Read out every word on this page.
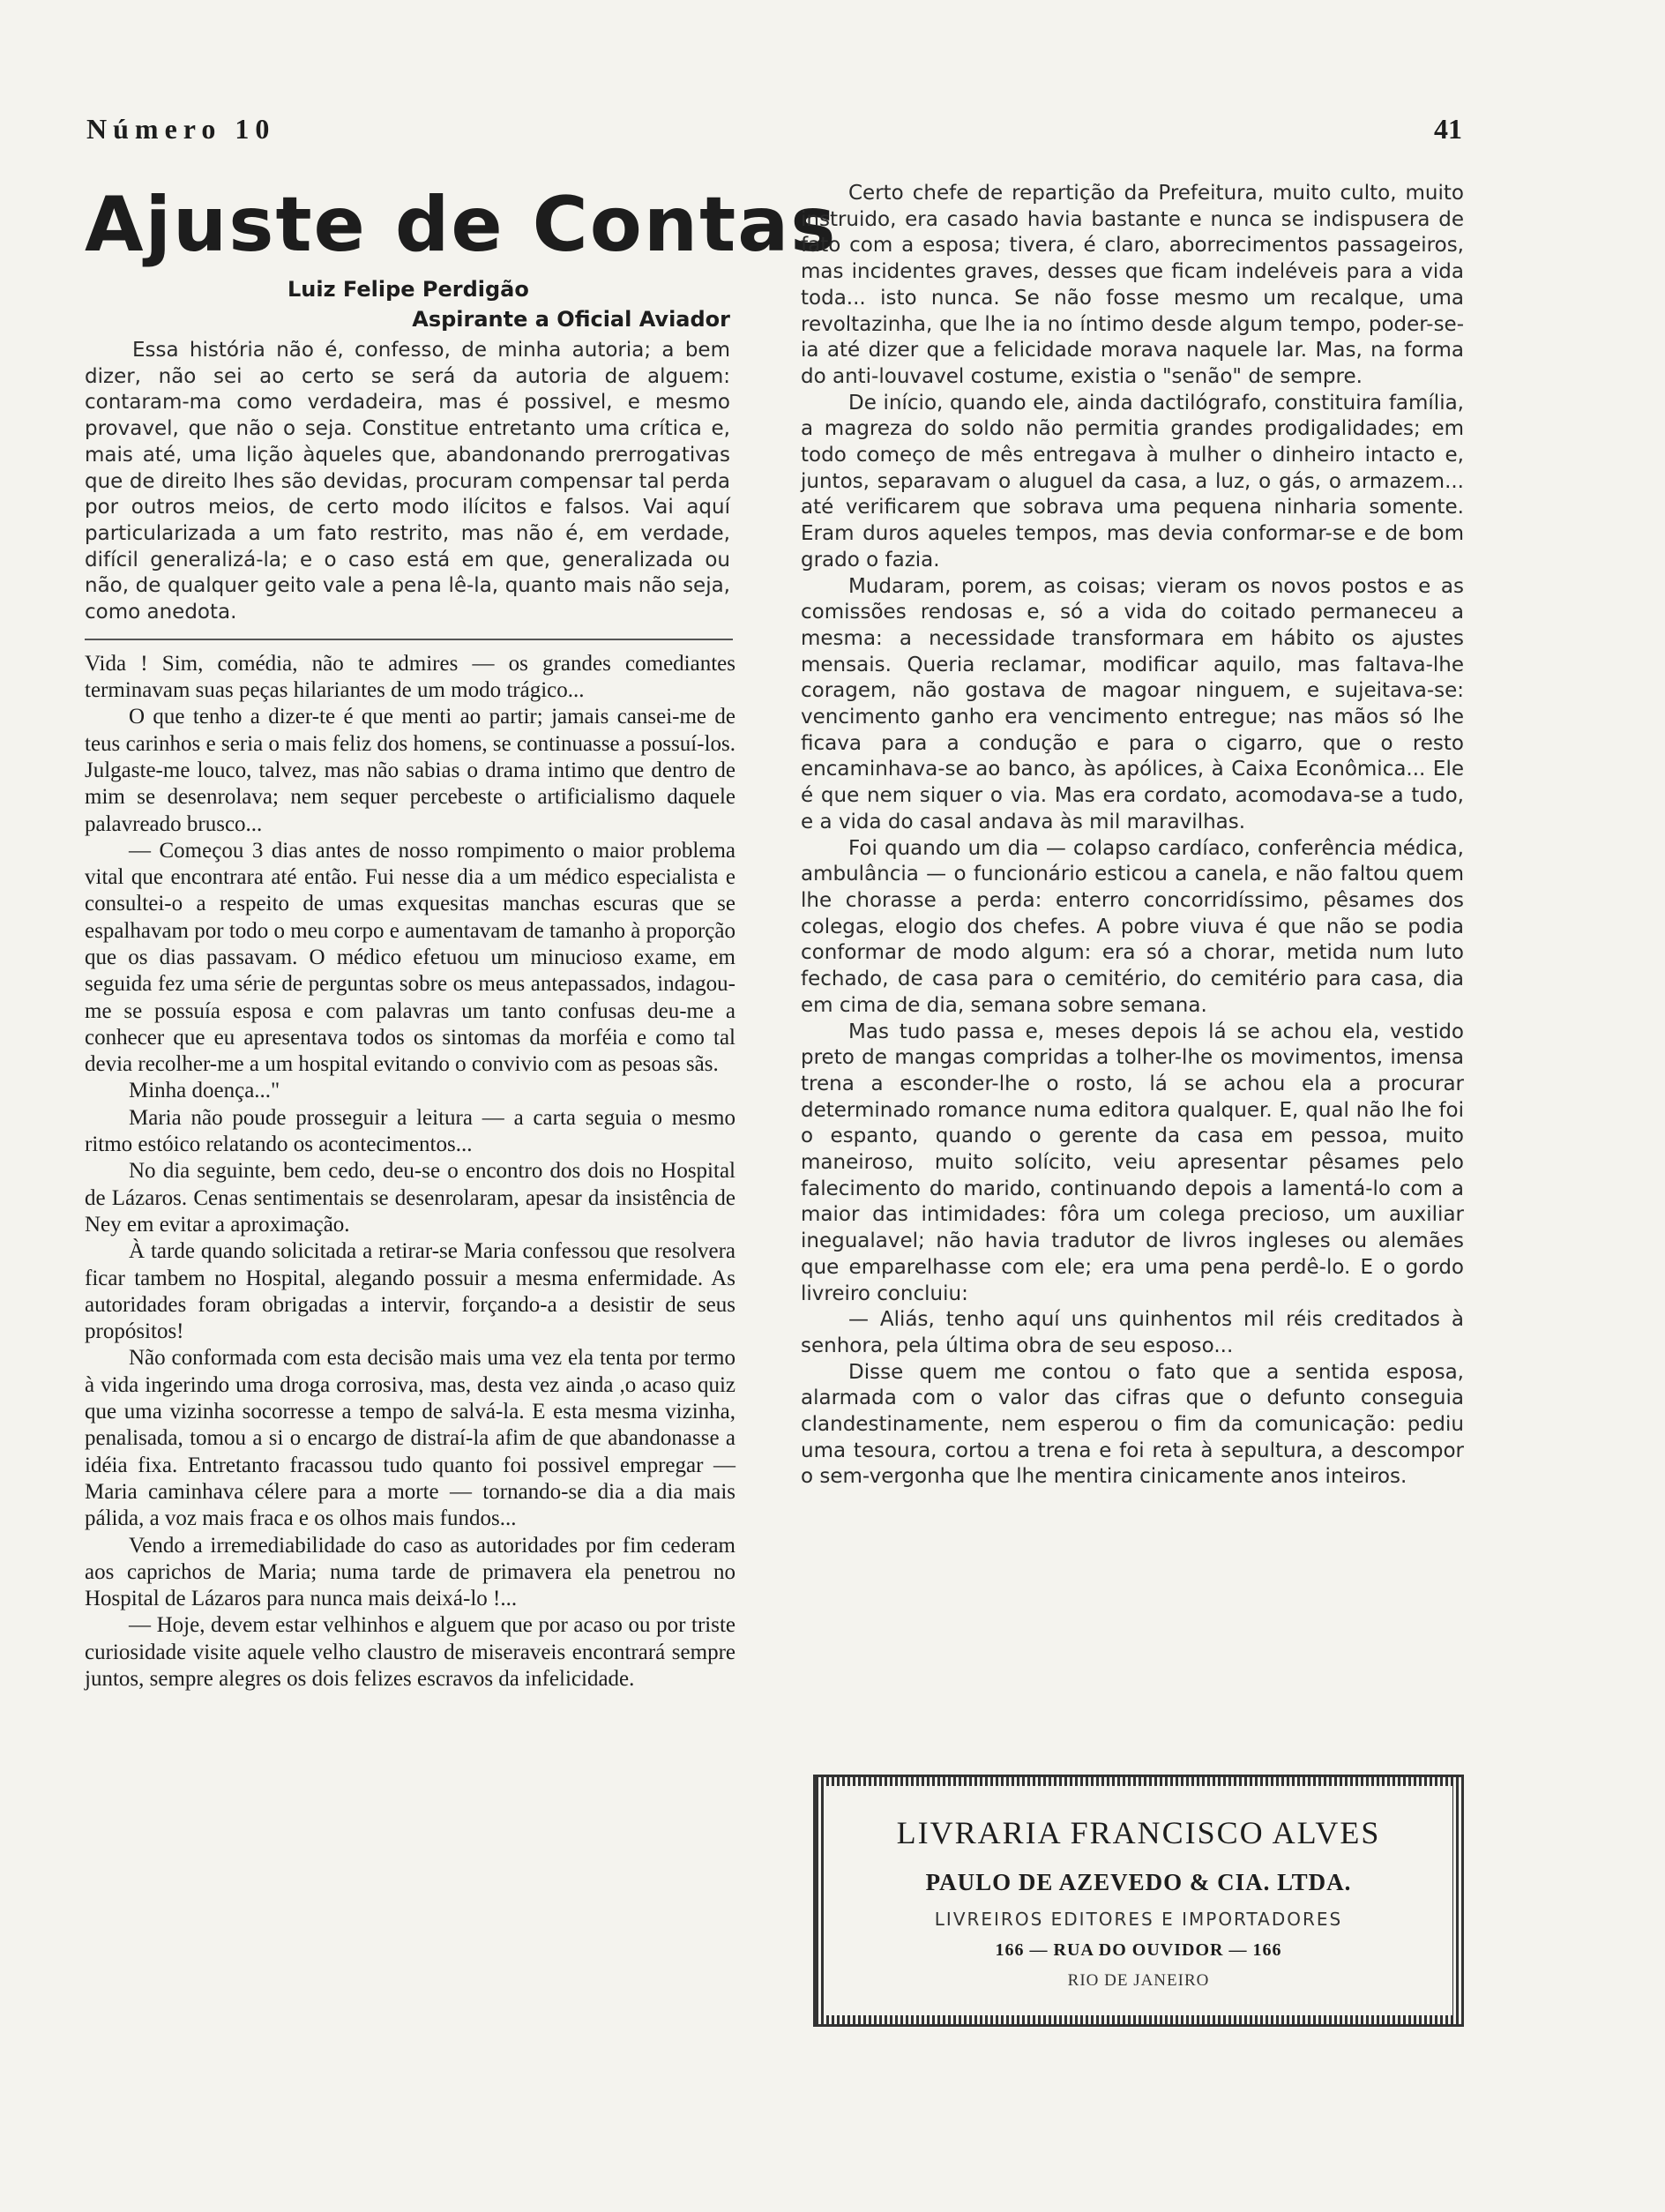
Número 10	41
Ajuste de Contas
Luiz Felipe Perdigão
Aspirante a Oficial Aviador

Essa história não é, confesso, de minha autoria; a bem dizer, não sei ao certo se será da autoria de alguem: contaram-ma como verdadeira, mas é possivel, e mesmo provavel, que não o seja. Constitue entretanto uma crítica e, mais até, uma lição àqueles que, abandonando prerrogativas que de direito lhes são devidas, procuram compensar tal perda por outros meios, de certo modo ilícitos e falsos. Vai aquí particularizada a um fato restrito, mas não é, em verdade, difícil generalizá-la; e o caso está em que, generalizada ou não, de qualquer geito vale a pena lê-la, quanto mais não seja, como anedota.

Vida ! Sim, comédia, não te admires — os grandes comediantes terminavam suas peças hilariantes de um modo trágico...

O que tenho a dizer-te é que menti ao partir; jamais cansei-me de teus carinhos e seria o mais feliz dos homens, se continuasse a possuí-los. Julgaste-me louco, talvez, mas não sabias o drama intimo que dentro de mim se desenrolava; nem sequer percebeste o artificialismo daquele palavreado brusco...

— Começou 3 dias antes de nosso rompimento o maior problema vital que encontrara até então. Fui nesse dia a um médico especialista e consultei-o a respeito de umas exquesitas manchas escuras que se espalhavam por todo o meu corpo e aumentavam de tamanho à proporção que os dias passavam. O médico efetuou um minucioso exame, em seguida fez uma série de perguntas sobre os meus antepassados, indagou-me se possuía esposa e com palavras um tanto confusas deu-me a conhecer que eu apresentava todos os sintomas da morféia e como tal devia recolher-me a um hospital evitando o convivio com as pesoas sãs.

Minha doença..."

Maria não poude prosseguir a leitura — a carta seguia o mesmo ritmo estóico relatando os acontecimentos...

No dia seguinte, bem cedo, deu-se o encontro dos dois no Hospital de Lázaros. Cenas sentimentais se desenrolaram, apesar da insistência de Ney em evitar a aproximação.

À tarde quando solicitada a retirar-se Maria confessou que resolvera ficar tambem no Hospital, alegando possuir a mesma enfermidade. As autoridades foram obrigadas a intervir, forçando-a a desistir de seus propósitos!

Não conformada com esta decisão mais uma vez ela tenta por termo à vida ingerindo uma droga corrosiva, mas, desta vez ainda ,o acaso quiz que uma vizinha socorresse a tempo de salvá-la. E esta mesma vizinha, penalisada, tomou a si o encargo de distraí-la afim de que abandonasse a idéia fixa. Entretanto fracassou tudo quanto foi possivel empregar — Maria caminhava célere para a morte — tornando-se dia a dia mais pálida, a voz mais fraca e os olhos mais fundos...

Vendo a irremediabilidade do caso as autoridades por fim cederam aos caprichos de Maria; numa tarde de primavera ela penetrou no Hospital de Lázaros para nunca mais deixá-lo !...

— Hoje, devem estar velhinhos e alguem que por acaso ou por triste curiosidade visite aquele velho claustro de miseraveis encontrará sempre juntos, sempre alegres os dois felizes escravos da infelicidade.

Certo chefe de repartição da Prefeitura, muito culto, muito instruido, era casado havia bastante e nunca se indispusera de fato com a esposa; tivera, é claro, aborrecimentos passageiros, mas incidentes graves, desses que ficam indeléveis para a vida toda... isto nunca. Se não fosse mesmo um recalque, uma revoltazinha, que lhe ia no íntimo desde algum tempo, poder-se-ia até dizer que a felicidade morava naquele lar. Mas, na forma do anti-louvavel costume, existia o "senão" de sempre.

De início, quando ele, ainda dactilógrafo, constituira família, a magreza do soldo não permitia grandes prodigalidades; em todo começo de mês entregava à mulher o dinheiro intacto e, juntos, separavam o aluguel da casa, a luz, o gás, o armazem... até verificarem que sobrava uma pequena ninharia somente. Eram duros aqueles tempos, mas devia conformar-se e de bom grado o fazia.

Mudaram, porem, as coisas; vieram os novos postos e as comissões rendosas e, só a vida do coitado permaneceu a mesma: a necessidade transformara em hábito os ajustes mensais. Queria reclamar, modificar aquilo, mas faltava-lhe coragem, não gostava de magoar ninguem, e sujeitava-se: vencimento ganho era vencimento entregue; nas mãos só lhe ficava para a condução e para o cigarro, que o resto encaminhava-se ao banco, às apólices, à Caixa Econômica... Ele é que nem siquer o via. Mas era cordato, acomodava-se a tudo, e a vida do casal andava às mil maravilhas.

Foi quando um dia — colapso cardíaco, conferência médica, ambulância — o funcionário esticou a canela, e não faltou quem lhe chorasse a perda: enterro concorridíssimo, pêsames dos colegas, elogio dos chefes. A pobre viuva é que não se podia conformar de modo algum: era só a chorar, metida num luto fechado, de casa para o cemitério, do cemitério para casa, dia em cima de dia, semana sobre semana.

Mas tudo passa e, meses depois lá se achou ela, vestido preto de mangas compridas a tolher-lhe os movimentos, imensa trena a esconder-lhe o rosto, lá se achou ela a procurar determinado romance numa editora qualquer. E, qual não lhe foi o espanto, quando o gerente da casa em pessoa, muito maneiroso, muito solícito, veiu apresentar pêsames pelo falecimento do marido, continuando depois a lamentá-lo com a maior das intimidades: fôra um colega precioso, um auxiliar inegualavel; não havia tradutor de livros ingleses ou alemães que emparelhasse com ele; era uma pena perdê-lo. E o gordo livreiro concluiu:

— Aliás, tenho aquí uns quinhentos mil réis creditados à senhora, pela última obra de seu esposo...

Disse quem me contou o fato que a sentida esposa, alarmada com o valor das cifras que o defunto conseguia clandestinamente, nem esperou o fim da comunicação: pediu uma tesoura, cortou a trena e foi reta à sepultura, a descompor o sem-vergonha que lhe mentira cinicamente anos inteiros.

LIVRARIA FRANCISCO ALVES
PAULO DE AZEVEDO & CIA. LTDA.
LIVREIROS EDITORES E IMPORTADORES
166 — RUA DO OUVIDOR — 166
RIO DE JANEIRO
